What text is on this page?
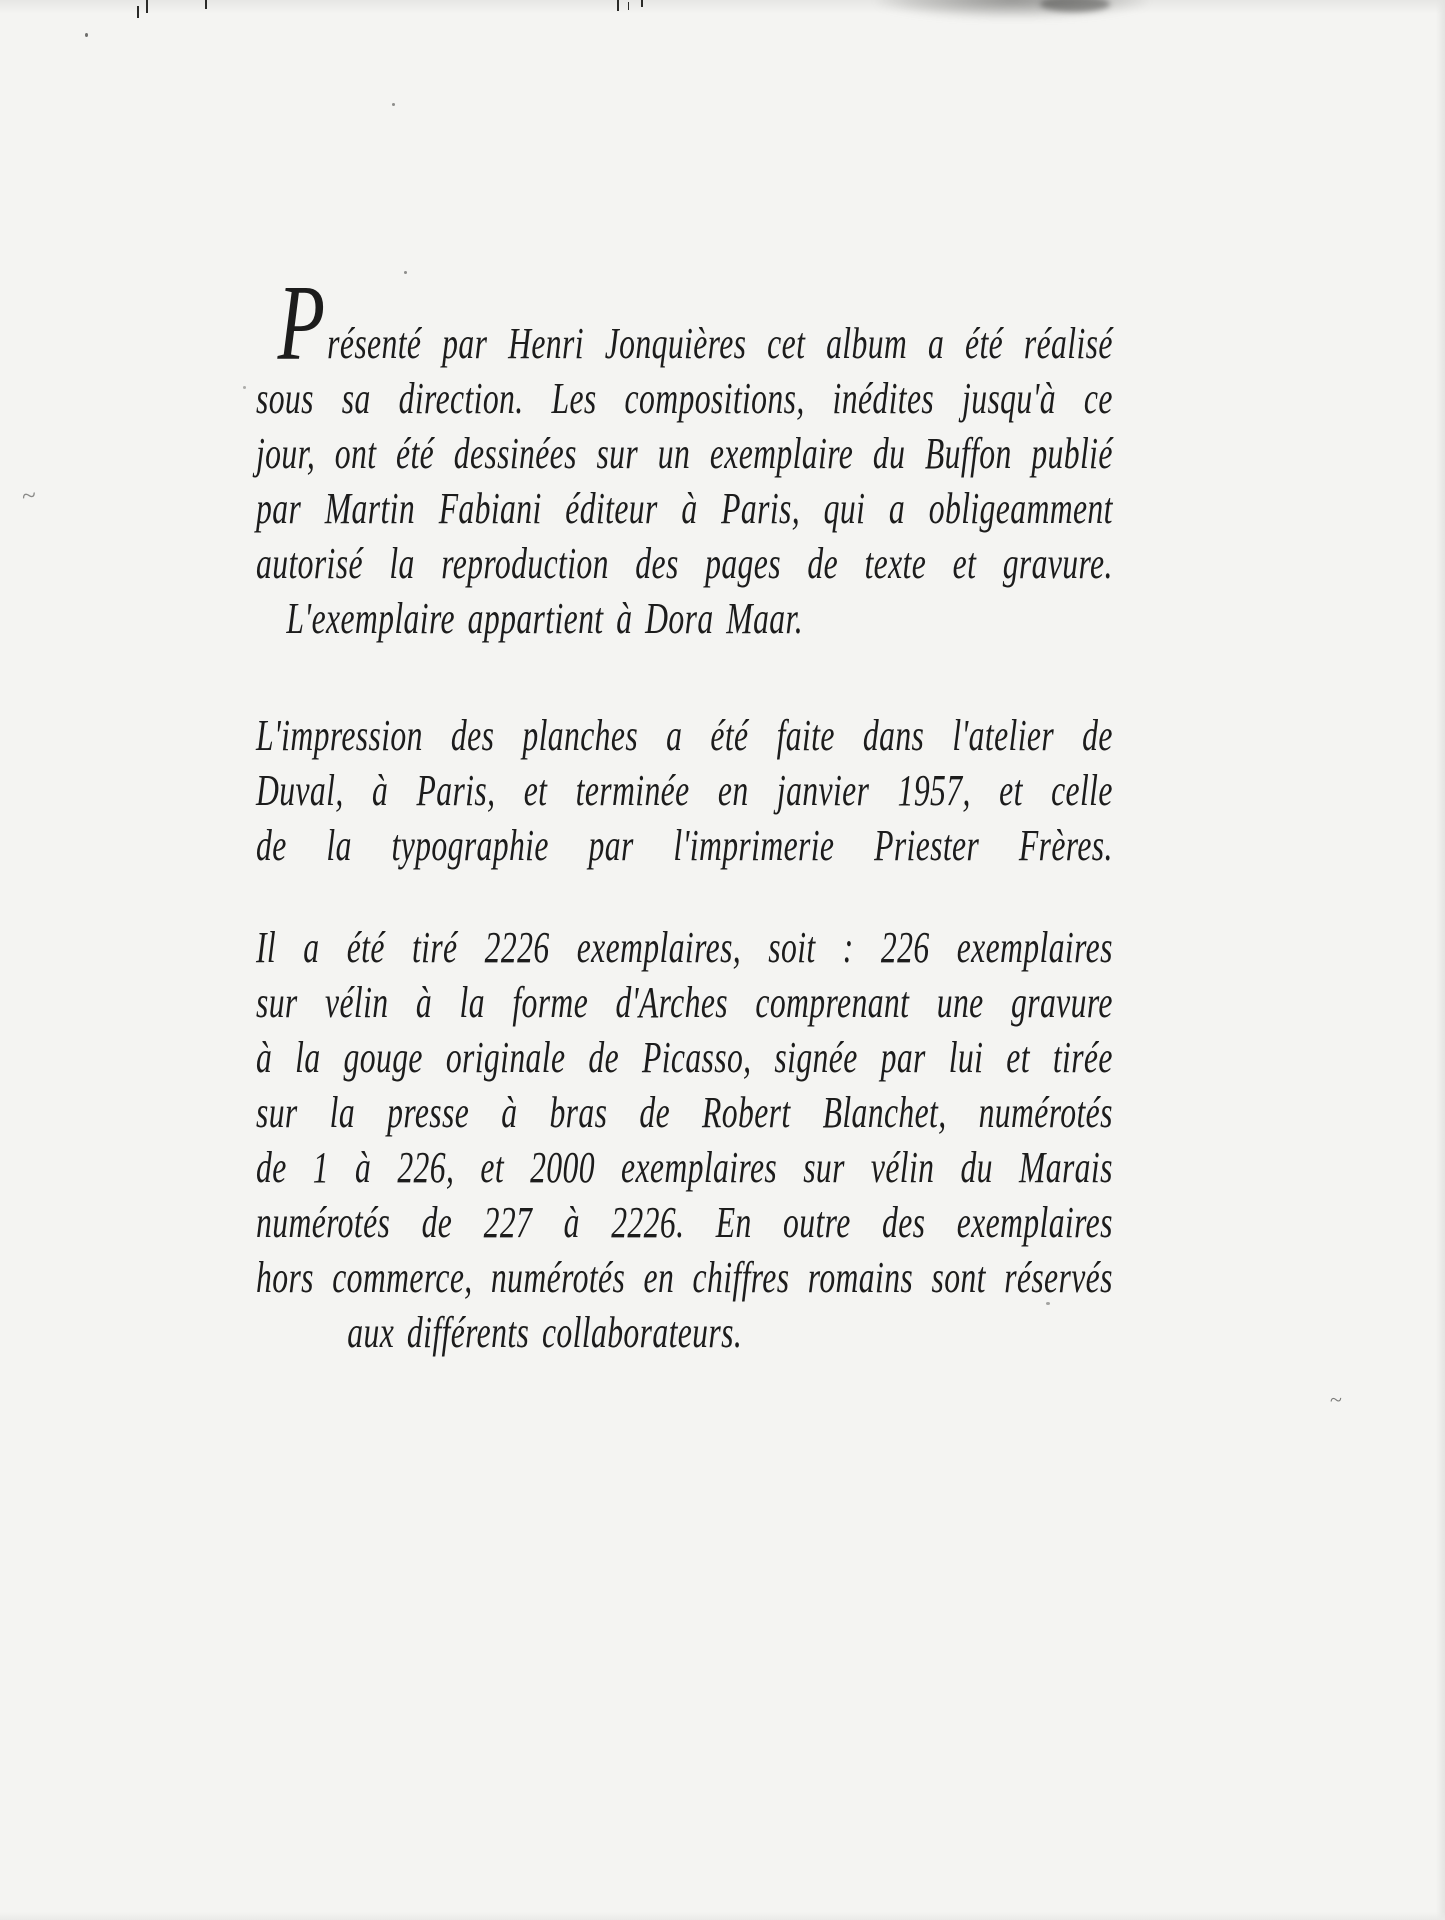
~
~
Présenté par Henri Jonquières cet album a été réalisé
sous sa direction. Les compositions, inédites jusqu'à ce
jour, ont été dessinées sur un exemplaire du Buffon publié
par Martin Fabiani éditeur à Paris, qui a obligeamment
autorisé la reproduction des pages de texte et gravure.
L'exemplaire appartient à Dora Maar.
L'impression des planches a été faite dans l'atelier de
Duval, à Paris, et terminée en janvier 1957, et celle
de la typographie par l'imprimerie Priester Frères.
Il a été tiré 2226 exemplaires, soit : 226 exemplaires
sur vélin à la forme d'Arches comprenant une gravure
à la gouge originale de Picasso, signée par lui et tirée
sur la presse à bras de Robert Blanchet, numérotés
de 1 à 226, et 2000 exemplaires sur vélin du Marais
numérotés de 227 à 2226. En outre des exemplaires
hors commerce, numérotés en chiffres romains sont réservés
aux différents collaborateurs.
